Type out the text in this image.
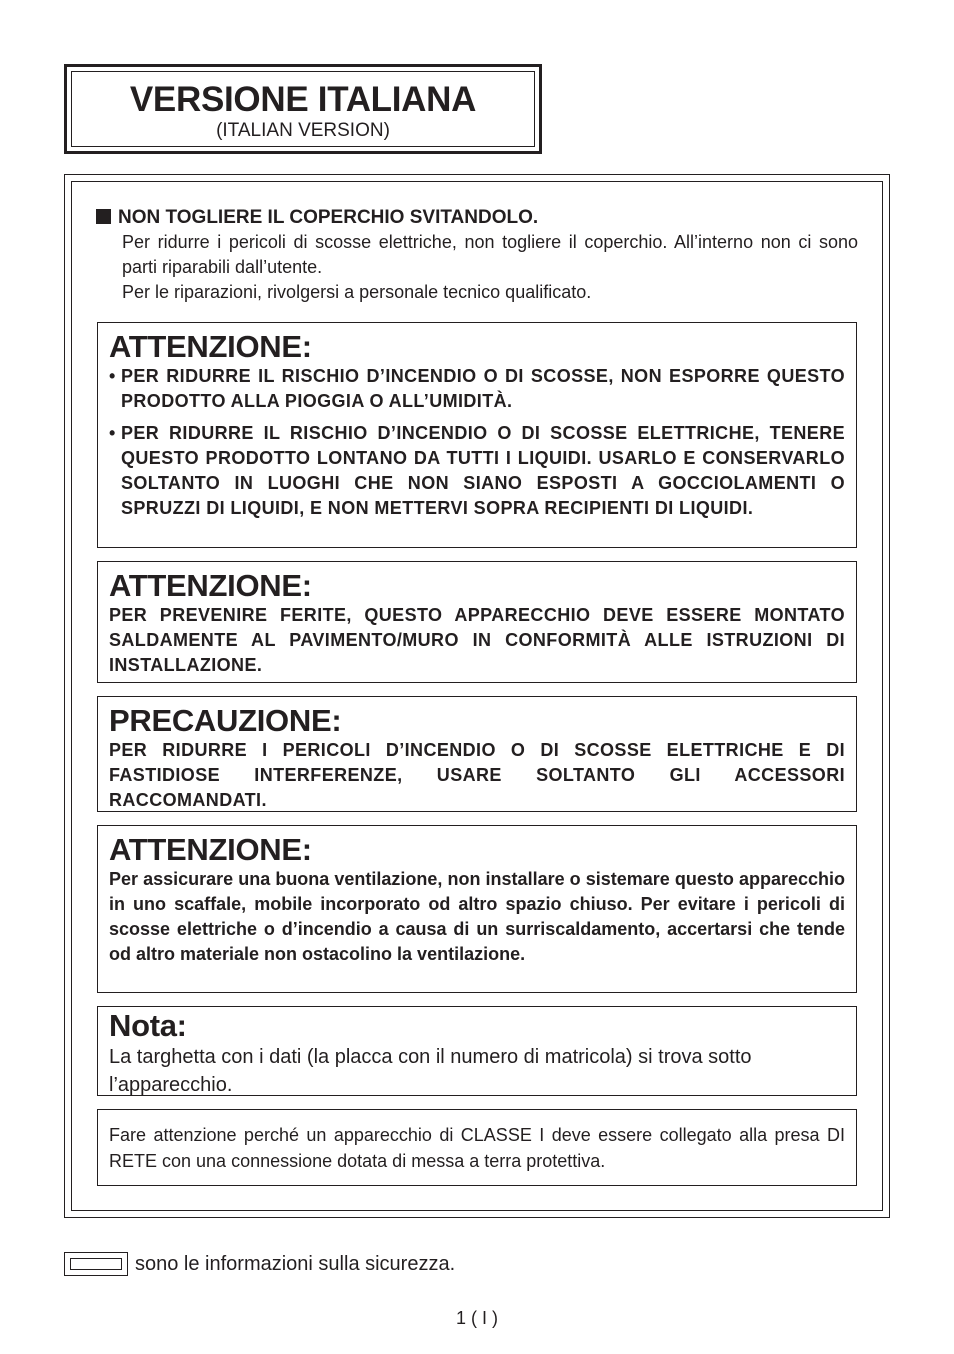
VERSIONE ITALIANA
(ITALIAN VERSION)
NON TOGLIERE IL COPERCHIO SVITANDOLO.
Per ridurre i pericoli di scosse elettriche, non togliere il coperchio. All’interno non ci sono parti riparabili dall’utente.
Per le riparazioni, rivolgersi a personale tecnico qualificato.
ATTENZIONE:
• PER RIDURRE IL RISCHIO D’INCENDIO O DI SCOSSE, NON ESPORRE QUESTO PRODOTTO ALLA PIOGGIA O ALL’UMIDITÀ.
• PER RIDURRE IL RISCHIO D’INCENDIO O DI SCOSSE ELETTRICHE, TENERE QUESTO PRODOTTO LONTANO DA TUTTI I LIQUIDI. USARLO E CONSERVARLO SOLTANTO IN LUOGHI CHE NON SIANO ESPOSTI A GOCCIOLAMENTI O SPRUZZI DI LIQUIDI, E NON METTERVI SOPRA RECIPIENTI DI LIQUIDI.
ATTENZIONE:
PER PREVENIRE FERITE, QUESTO APPARECCHIO DEVE ESSERE MONTATO SALDAMENTE AL PAVIMENTO/MURO IN CONFORMITÀ ALLE ISTRUZIONI DI INSTALLAZIONE.
PRECAUZIONE:
PER RIDURRE I PERICOLI D’INCENDIO O DI SCOSSE ELETTRICHE E DI FASTIDIOSE INTERFERENZE, USARE SOLTANTO GLI ACCESSORI RACCOMANDATI.
ATTENZIONE:
Per assicurare una buona ventilazione, non installare o sistemare questo apparecchio in uno scaffale, mobile incorporato od altro spazio chiuso. Per evitare i pericoli di scosse elettriche o d’incendio a causa di un surriscaldamento, accertarsi che tende od altro materiale non ostacolino la ventilazione.
Nota:
La targhetta con i dati (la placca con il numero di matricola) si trova sotto l’apparecchio.
Fare attenzione perché un apparecchio di CLASSE I deve essere collegato alla presa DI RETE con una connessione dotata di messa a terra protettiva.
sono le informazioni sulla sicurezza.
1 ( I )
